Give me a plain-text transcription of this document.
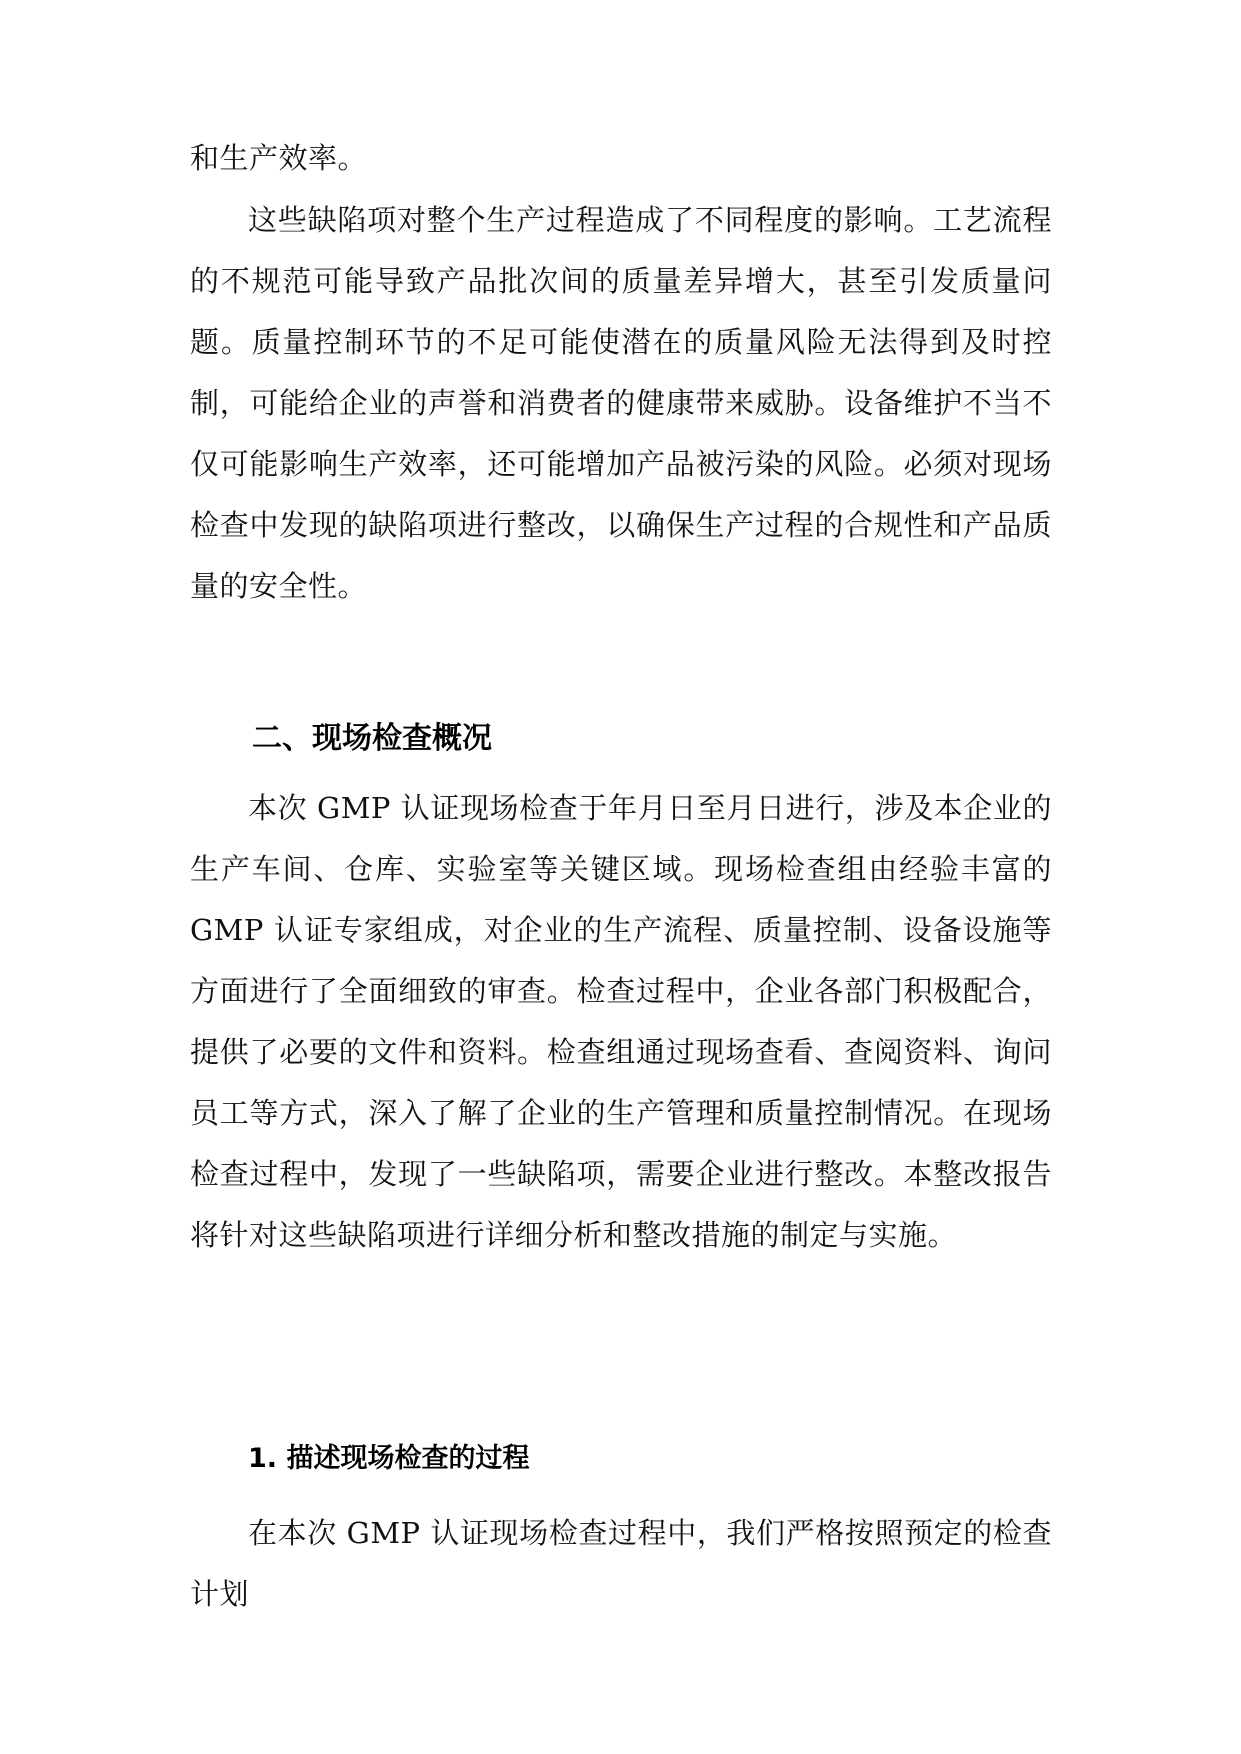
和生产效率。

这些缺陷项对整个生产过程造成了不同程度的影响。工艺流程的不规范可能导致产品批次间的质量差异增大，甚至引发质量问题。质量控制环节的不足可能使潜在的质量风险无法得到及时控制，可能给企业的声誉和消费者的健康带来威胁。设备维护不当不仅可能影响生产效率，还可能增加产品被污染的风险。必须对现场检查中发现的缺陷项进行整改，以确保生产过程的合规性和产品质量的安全性。

二、现场检查概况

本次 GMP 认证现场检查于年月日至月日进行，涉及本企业的生产车间、仓库、实验室等关键区域。现场检查组由经验丰富的 GMP 认证专家组成，对企业的生产流程、质量控制、设备设施等方面进行了全面细致的审查。检查过程中，企业各部门积极配合，提供了必要的文件和资料。检查组通过现场查看、查阅资料、询问员工等方式，深入了解了企业的生产管理和质量控制情况。在现场检查过程中，发现了一些缺陷项，需要企业进行整改。本整改报告将针对这些缺陷项进行详细分析和整改措施的制定与实施。

1. 描述现场检查的过程

在本次 GMP 认证现场检查过程中，我们严格按照预定的检查计划
